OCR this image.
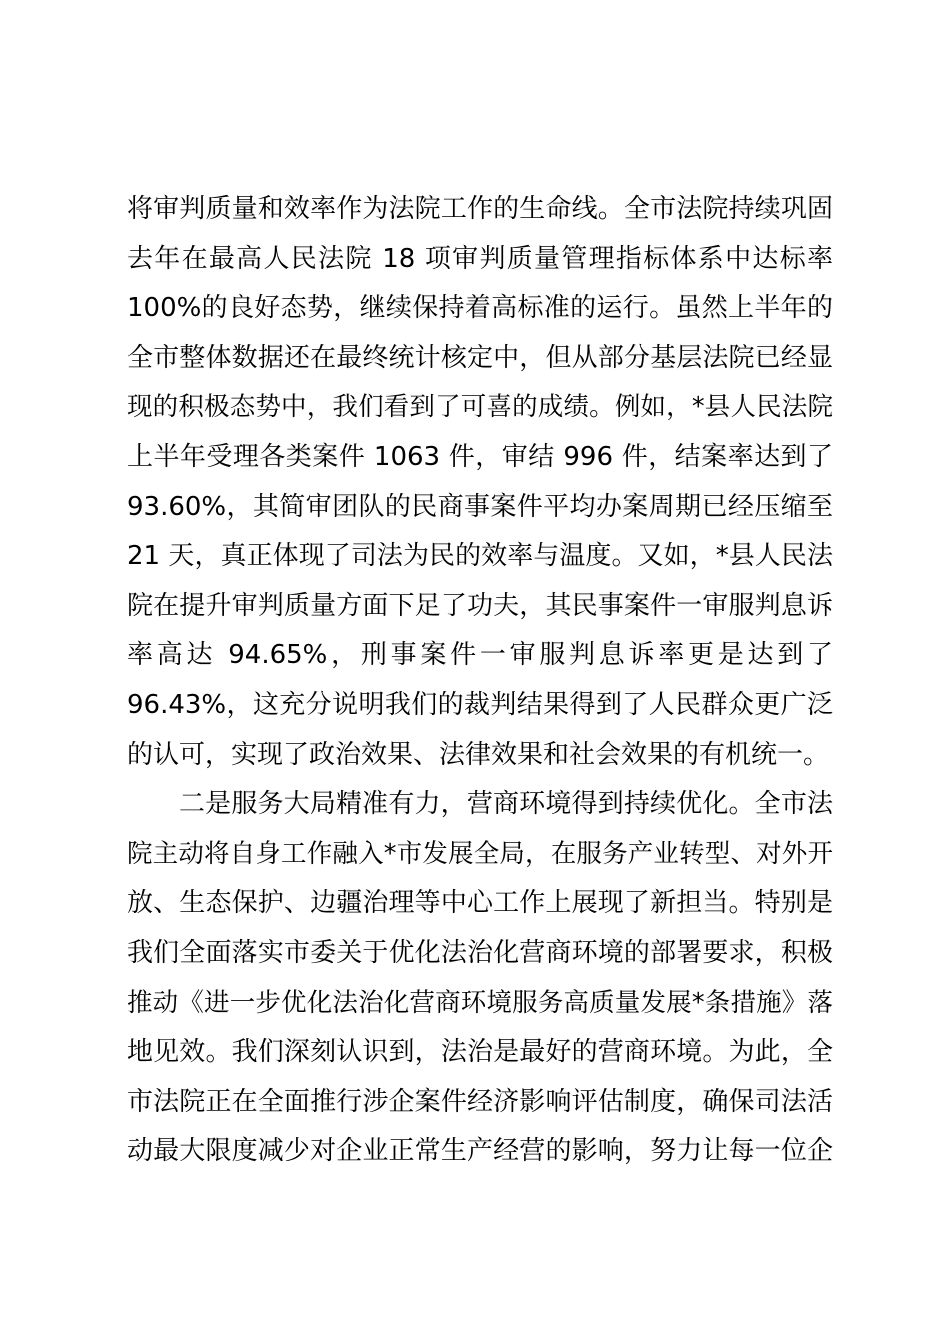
将审判质量和效率作为法院工作的生命线。全市法院持续巩固
去年在最高人民法院 18 项审判质量管理指标体系中达标率
100%的良好态势，继续保持着高标准的运行。虽然上半年的
全市整体数据还在最终统计核定中，但从部分基层法院已经显
现的积极态势中，我们看到了可喜的成绩。例如，*县人民法院
上半年受理各类案件 1063 件，审结 996 件，结案率达到了
93.60%，其简审团队的民商事案件平均办案周期已经压缩至
21 天，真正体现了司法为民的效率与温度。又如，*县人民法
院在提升审判质量方面下足了功夫，其民事案件一审服判息诉
率高达 94.65%，刑事案件一审服判息诉率更是达到了
96.43%，这充分说明我们的裁判结果得到了人民群众更广泛
的认可，实现了政治效果、法律效果和社会效果的有机统一。
二是服务大局精准有力，营商环境得到持续优化。全市法
院主动将自身工作融入*市发展全局，在服务产业转型、对外开
放、生态保护、边疆治理等中心工作上展现了新担当。特别是
我们全面落实市委关于优化法治化营商环境的部署要求，积极
推动《进一步优化法治化营商环境服务高质量发展*条措施》落
地见效。我们深刻认识到，法治是最好的营商环境。为此，全
市法院正在全面推行涉企案件经济影响评估制度，确保司法活
动最大限度减少对企业正常生产经营的影响，努力让每一位企
